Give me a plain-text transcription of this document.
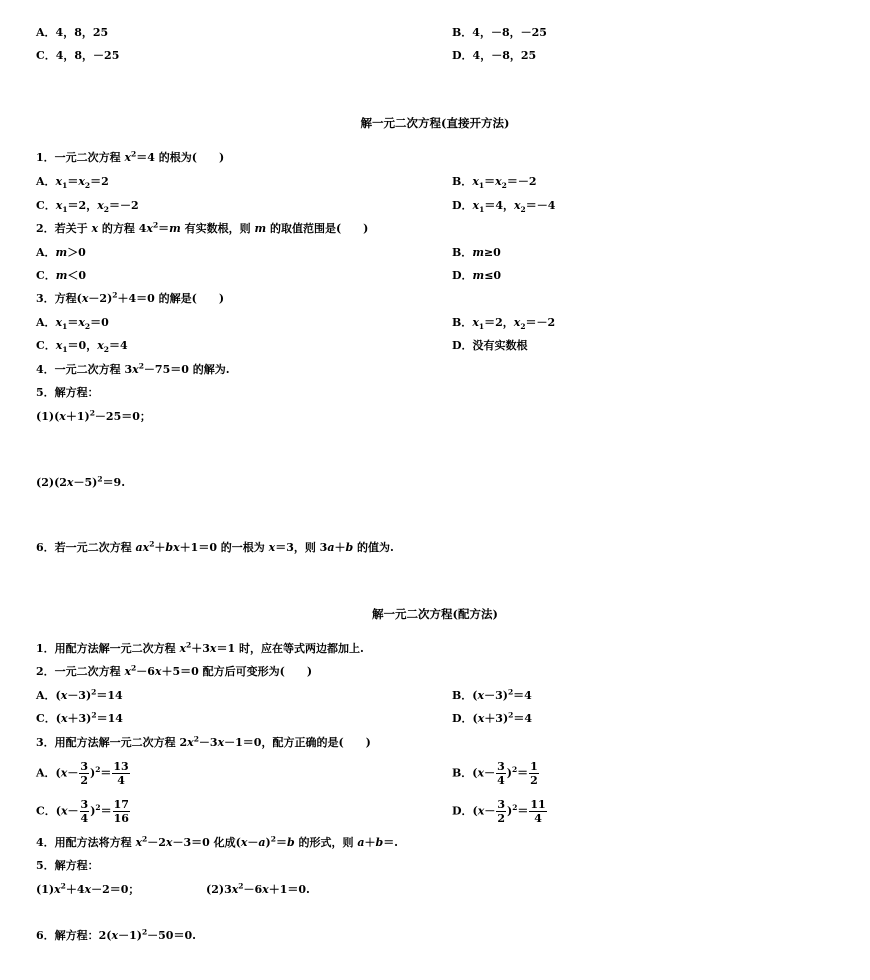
A．4，8，25	B．4，－8，－25
C．4，8，－25	D．4，－8，25
解一元二次方程(直接开方法)
1．一元二次方程 $x^2=4$ 的根为(　　)
A．$x_1=x_2=2$	B．$x_1=x_2=-2$
C．$x_1=2$，$x_2=-2$	D．$x_1=4$，$x_2=-4$
2．若关于 x 的方程 $4x^2=m$ 有实数根，则 m 的取值范围是(　　)
A．m＞0	B．m≥0
C．m＜0	D．m≤0
3．方程$(x-2)^2+4=0$ 的解是(　　)
A．$x_1=x_2=0$	B．$x_1=2$，$x_2=-2$
C．$x_1=0$，$x_2=4$	D．没有实数根
4．一元二次方程 $3x^2-75=0$ 的解为.
5．解方程：
$(1)(x+1)^2-25=0$；
$(2)(2x-5)^2=9$.
6．若一元二次方程 $ax^2+bx+1=0$ 的一根为 x＝3，则 3a＋b 的值为.
解一元二次方程(配方法)
1．用配方法解一元二次方程 $x^2+3x=1$ 时，应在等式两边都加上.
2．一元二次方程 $x^2-6x+5=0$ 配方后可变形为(　　)
A．$(x-3)^2=14$	B．$(x-3)^2=4$
C．$(x+3)^2=14$	D．$(x+3)^2=4$
3．用配方法解一元二次方程 $2x^2-3x-1=0$，配方正确的是(　　)
A．$(x- \frac{3}{2} )^2= \frac{13}{4}$	B．$(x- \frac{3}{4} )^2= \frac{1}{2}$
C．$(x- \frac{3}{4} )^2= \frac{17}{16}$	D．$(x- \frac{3}{2} )^2= \frac{11}{4}$
4．用配方法将方程 $x^2-2x-3=0$ 化成$(x-a)^2=b$ 的形式，则 a＋b＝.
5．解方程：
$(1)x^2+4x-2=0$；	$(2)3x^2-6x+1=0$.
6．解方程：$2(x-1)^2-50=0$.
